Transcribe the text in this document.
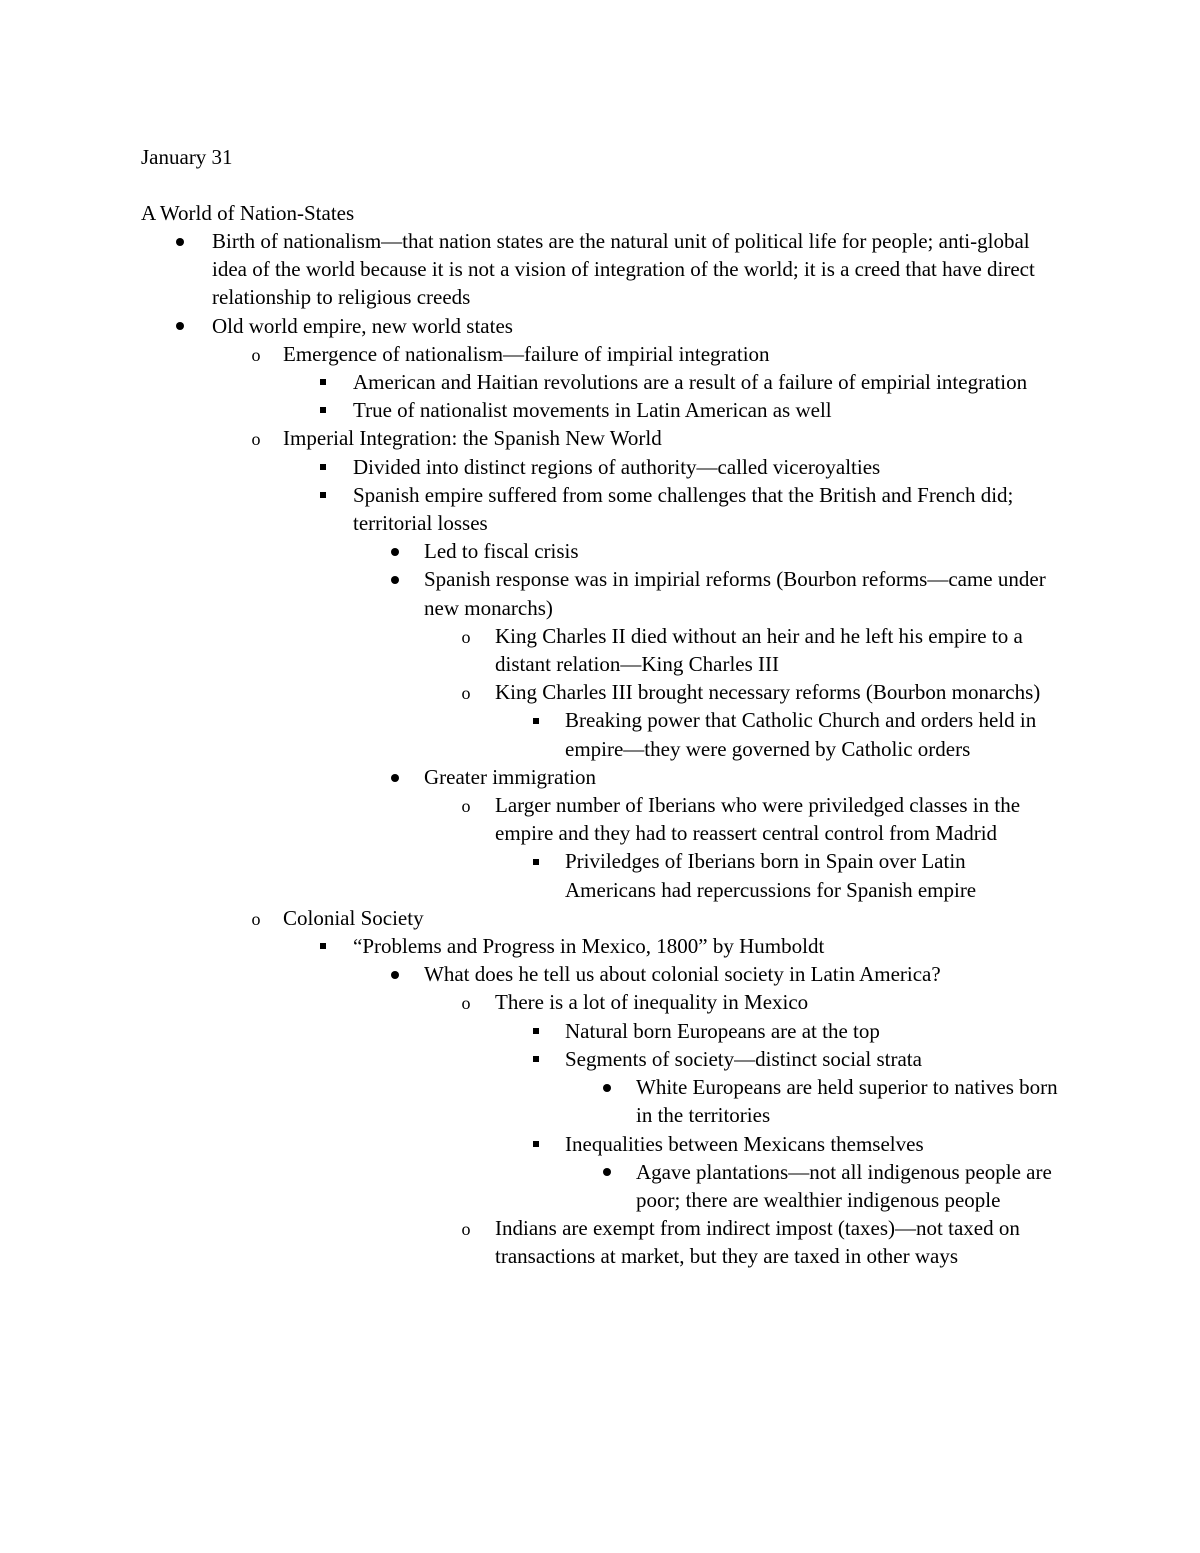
January 31

A World of Nation-States

Birth of nationalism—that nation states are the natural unit of political life for people; anti-global idea of the world because it is not a vision of integration of the world; it is a creed that have direct relationship to religious creeds
Old world empire, new world states
o Emergence of nationalism—failure of impirial integration
American and Haitian revolutions are a result of a failure of empirial integration
True of nationalist movements in Latin American as well
o Imperial Integration: the Spanish New World
Divided into distinct regions of authority—called viceroyalties
Spanish empire suffered from some challenges that the British and French did; territorial losses
Led to fiscal crisis
Spanish response was in impirial reforms (Bourbon reforms—came under new monarchs)
o King Charles II died without an heir and he left his empire to a distant relation—King Charles III
o King Charles III brought necessary reforms (Bourbon monarchs)
Breaking power that Catholic Church and orders held in empire—they were governed by Catholic orders
Greater immigration
o Larger number of Iberians who were priviledged classes in the empire and they had to reassert central control from Madrid
Priviledges of Iberians born in Spain over Latin Americans had repercussions for Spanish empire
o Colonial Society
“Problems and Progress in Mexico, 1800” by Humboldt
What does he tell us about colonial society in Latin America?
o There is a lot of inequality in Mexico
Natural born Europeans are at the top
Segments of society—distinct social strata
White Europeans are held superior to natives born in the territories
Inequalities between Mexicans themselves
Agave plantations—not all indigenous people are poor; there are wealthier indigenous people
o Indians are exempt from indirect impost (taxes)—not taxed on transactions at market, but they are taxed in other ways
